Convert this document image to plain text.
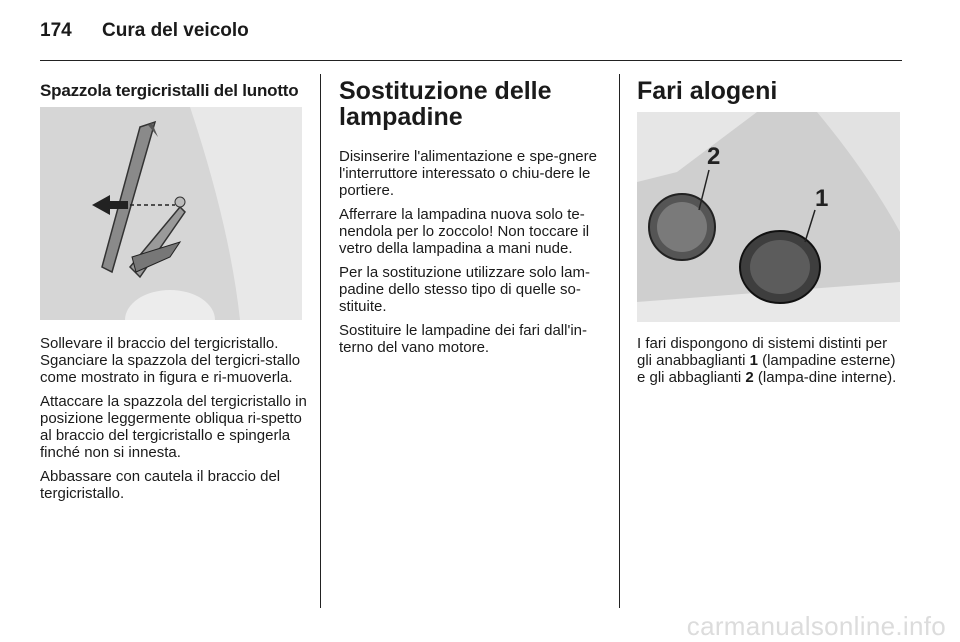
174 Cura del veicolo
Spazzola tergicristalli del lunotto

Sollevare il braccio del tergicristallo. Sganciare la spazzola del tergicri-stallo come mostrato in figura e ri-muoverla.

Attaccare la spazzola del tergicristallo in posizione leggermente obliqua ri-spetto al braccio del tergicristallo e spingerla finché non si innesta.

Abbassare con cautela il braccio del tergicristallo.

Sostituzione delle lampadine

Disinserire l'alimentazione e spe-gnere l'interruttore interessato o chiu-dere le portiere.

Afferrare la lampadina nuova solo te-nendola per lo zoccolo! Non toccare il vetro della lampadina a mani nude.

Per la sostituzione utilizzare solo lam-padine dello stesso tipo di quelle so-stituite.

Sostituire le lampadine dei fari dall'in-terno del vano motore.

Fari alogeni
2
1

I fari dispongono di sistemi distinti per gli anabbaglianti 1 (lampadine esterne) e gli abbaglianti 2 (lampa-dine interne).

carmanualsonline.info
